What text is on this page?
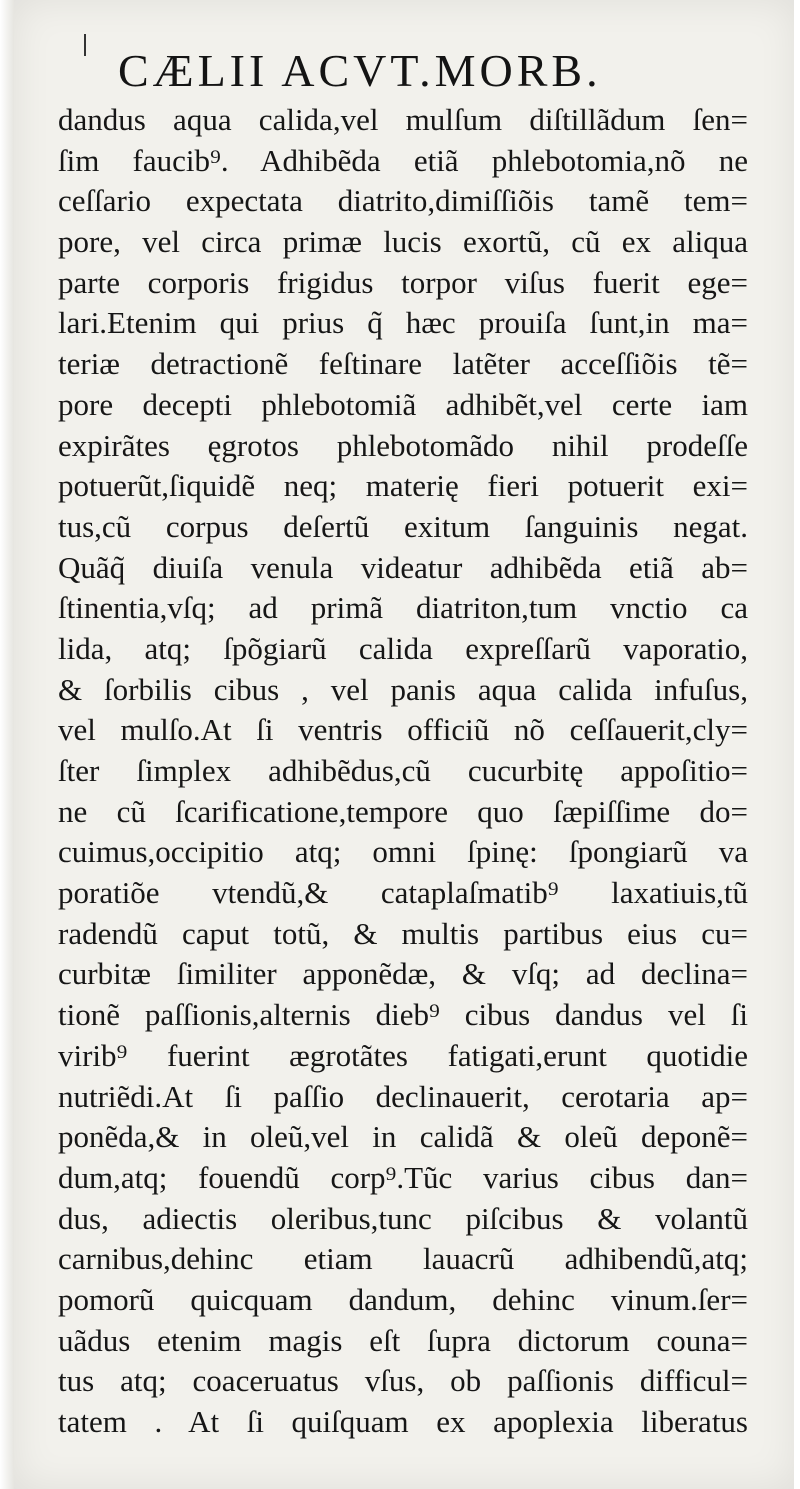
CÆLII ACVT.MORB.
dandus aqua calida,vel mulſum diſtillãdum ſen=
ſim faucib⁹. Adhibẽda etiã phlebotomia,nõ ne
ceſſario expectata diatrito,dimiſſiõis tamẽ tem=
pore, vel circa primæ lucis exortũ, cũ ex aliqua
parte corporis frigidus torpor viſus fuerit ege=
lari.Etenim qui prius q̃ hæc prouiſa ſunt,in ma=
teriæ detractionẽ feſtinare latẽter acceſſiõis tẽ=
pore decepti phlebotomiã adhibẽt,vel certe iam
expirãtes ęgrotos phlebotomãdo nihil prodeſſe
potuerũt,ſiquidẽ neq; materię fieri potuerit exi=
tus,cũ corpus deſertũ exitum ſanguinis negat.
Quãq̃ diuiſa venula videatur adhibẽda etiã ab=
ſtinentia,vſq; ad primã diatriton,tum vnctio ca
lida, atq; ſpõgiarũ calida expreſſarũ vaporatio,
& ſorbilis cibus , vel panis aqua calida infuſus,
vel mulſo.At ſi ventris officiũ nõ ceſſauerit,cly=
ſter ſimplex adhibẽdus,cũ cucurbitę appoſitio=
ne cũ ſcarificatione,tempore quo ſæpiſſime do=
cuimus,occipitio atq; omni ſpinę: ſpongiarũ va
poratiõe vtendũ,& cataplaſmatib⁹ laxatiuis,tũ
radendũ caput totũ, & multis partibus eius cu=
curbitæ ſimiliter apponẽdæ, & vſq; ad declina=
tionẽ paſſionis,alternis dieb⁹ cibus dandus vel ſi
virib⁹ fuerint ægrotãtes fatigati,erunt quotidie
nutriẽdi.At ſi paſſio declinauerit, cerotaria ap=
ponẽda,& in oleũ,vel in calidã & oleũ deponẽ=
dum,atq; fouendũ corp⁹.Tũc varius cibus dan=
dus, adiectis oleribus,tunc piſcibus & volantũ
carnibus,dehinc etiam lauacrũ adhibendũ,atq;
pomorũ quicquam dandum, dehinc vinum.ſer=
uãdus etenim magis eſt ſupra dictorum couna=
tus atq; coaceruatus vſus, ob paſſionis difficul=
tatem . At ſi quiſquam ex apoplexia liberatus
